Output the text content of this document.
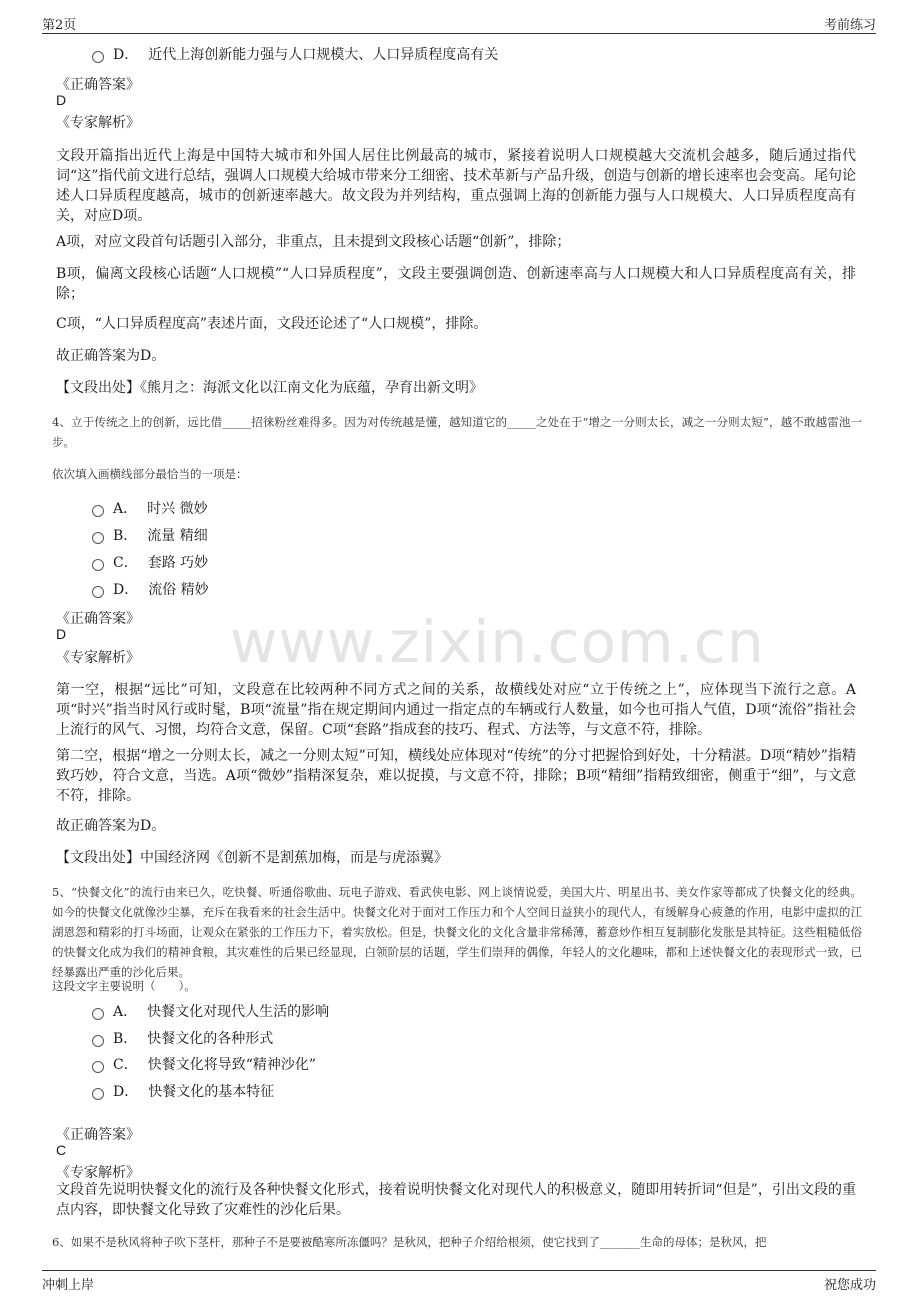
第2页	考前练习
www.zixin.com.cn
D． 近代上海创新能力强与人口规模大、人口异质程度高有关
《正确答案》
D
《专家解析》
文段开篇指出近代上海是中国特大城市和外国人居住比例最高的城市，紧接着说明人口规模越大交流机会越多，随后通过指代词“这”指代前文进行总结，强调人口规模大给城市带来分工细密、技术革新与产品升级，创造与创新的增长速率也会变高。尾句论述人口异质程度越高，城市的创新速率越大。故文段为并列结构，重点强调上海的创新能力强与人口规模大、人口异质程度高有关，对应D项。
A项，对应文段首句话题引入部分，非重点，且未提到文段核心话题“创新”，排除；
B项，偏离文段核心话题“人口规模”“人口异质程度”，文段主要强调创造、创新速率高与人口规模大和人口异质程度高有关，排除；
C项，“人口异质程度高”表述片面，文段还论述了“人口规模”，排除。
故正确答案为D。
【文段出处】《熊月之：海派文化以江南文化为底蕴，孕育出新文明》
4、立于传统之上的创新，远比借_____招徕粉丝难得多。因为对传统越是懂，越知道它的_____之处在于“增之一分则太长，减之一分则太短”，越不敢越雷池一步。
依次填入画横线部分最恰当的一项是：
A． 时兴 微妙
B． 流量 精细
C． 套路 巧妙
D． 流俗 精妙
《正确答案》
D
《专家解析》
第一空，根据“远比”可知，文段意在比较两种不同方式之间的关系，故横线处对应“立于传统之上”，应体现当下流行之意。A项“时兴”指当时风行或时髦，B项“流量”指在规定期间内通过一指定点的车辆或行人数量，如今也可指人气值，D项“流俗”指社会上流行的风气、习惯，均符合文意，保留。C项“套路”指成套的技巧、程式、方法等，与文意不符，排除。
第二空，根据“增之一分则太长，减之一分则太短”可知，横线处应体现对“传统”的分寸把握恰到好处，十分精湛。D项“精妙”指精致巧妙，符合文意，当选。A项“微妙”指精深复杂，难以捉摸，与文意不符，排除；B项“精细”指精致细密，侧重于“细”，与文意不符，排除。
故正确答案为D。
【文段出处】中国经济网《创新不是割蕉加梅，而是与虎添翼》
5、“快餐文化”的流行由来已久，吃快餐、听通俗歌曲、玩电子游戏、看武侠电影、网上谈情说爱，美国大片、明星出书、美女作家等都成了快餐文化的经典。如今的快餐文化就像沙尘暴，充斥在我看来的社会生活中。快餐文化对于面对工作压力和个人空间日益狭小的现代人，有缓解身心疲惫的作用，电影中虚拟的江湖恩怨和精彩的打斗场面，让观众在紧张的工作压力下，着实放松。但是，快餐文化的文化含量非常稀薄，蓄意炒作相互复制膨化发胀是其特征。这些粗糙低俗的快餐文化成为我们的精神食粮，其灾难性的后果已经显现，白领阶层的话题，学生们崇拜的偶像，年轻人的文化趣味，都和上述快餐文化的表现形式一致，已经暴露出严重的沙化后果。
这段文字主要说明（　　）。
A． 快餐文化对现代人生活的影响
B． 快餐文化的各种形式
C． 快餐文化将导致“精神沙化”
D． 快餐文化的基本特征
《正确答案》
C
《专家解析》
文段首先说明快餐文化的流行及各种快餐文化形式，接着说明快餐文化对现代人的积极意义，随即用转折词“但是”，引出文段的重点内容，即快餐文化导致了灾难性的沙化后果。
6、如果不是秋风将种子吹下茎杆，那种子不是要被酷寒所冻僵吗？是秋风，把种子介绍给根须，使它找到了_______生命的母体；是秋风，把
冲刺上岸	祝您成功
